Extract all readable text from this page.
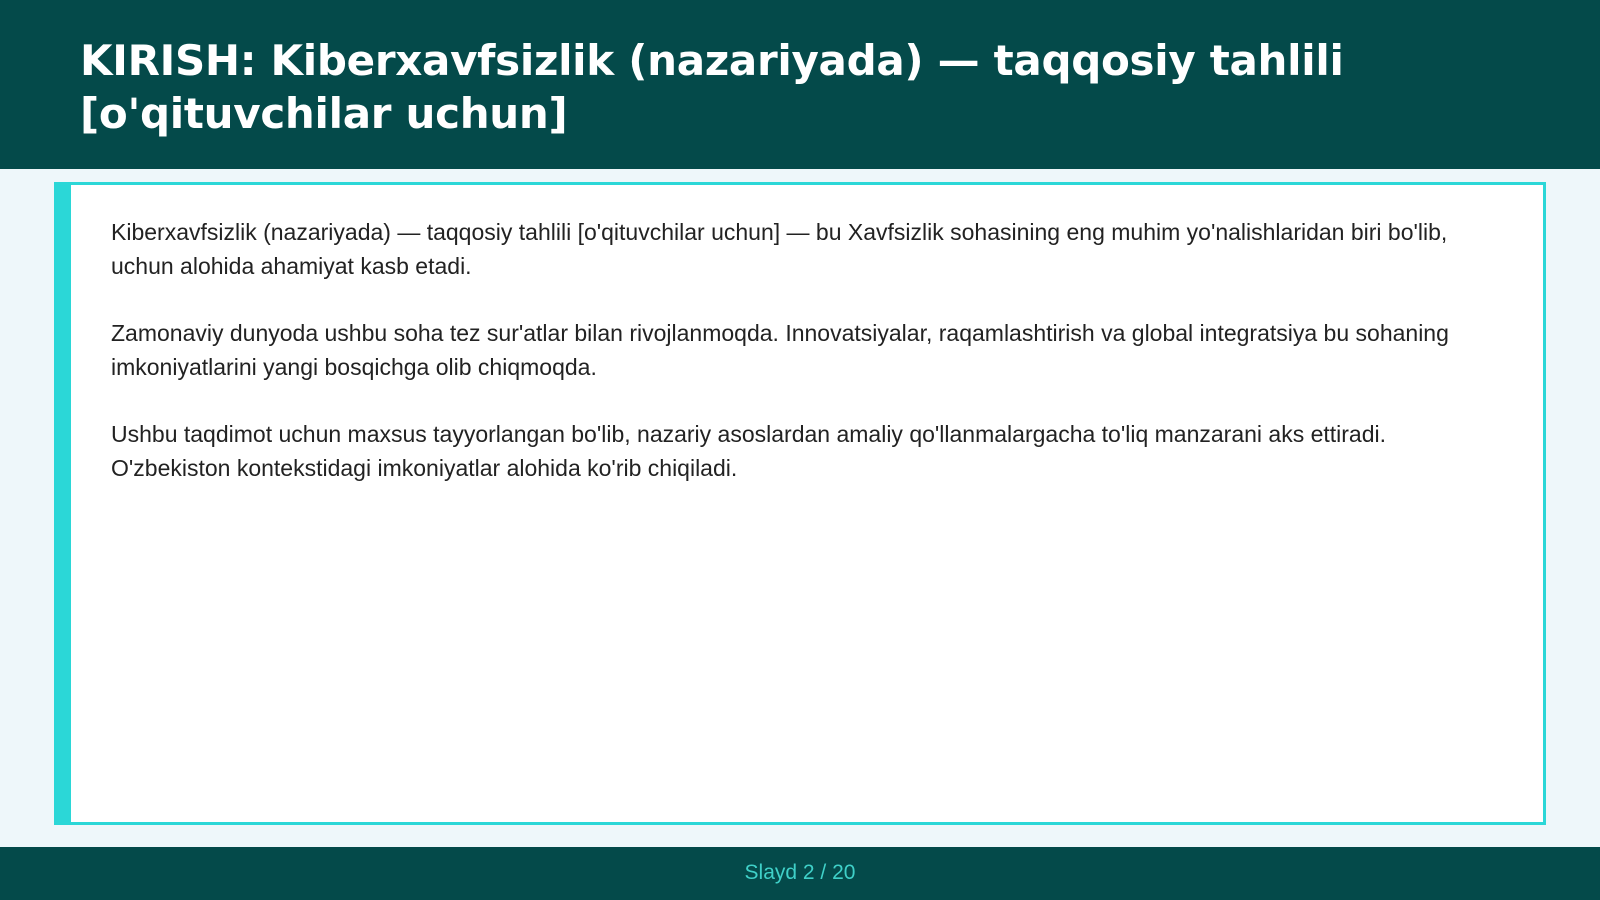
KIRISH: Kiberxavfsizlik (nazariyada) — taqqosiy tahlili [o'qituvchilar uchun]

Kiberxavfsizlik (nazariyada) — taqqosiy tahlili [o'qituvchilar uchun] — bu Xavfsizlik sohasining eng muhim yo'nalishlaridan biri bo'lib, uchun alohida ahamiyat kasb etadi.

Zamonaviy dunyoda ushbu soha tez sur'atlar bilan rivojlanmoqda. Innovatsiyalar, raqamlashtirish va global integratsiya bu sohaning imkoniyatlarini yangi bosqichga olib chiqmoqda.

Ushbu taqdimot uchun maxsus tayyorlangan bo'lib, nazariy asoslardan amaliy qo'llanmalargacha to'liq manzarani aks ettiradi. O'zbekiston kontekstidagi imkoniyatlar alohida ko'rib chiqiladi.

Slayd 2 / 20
